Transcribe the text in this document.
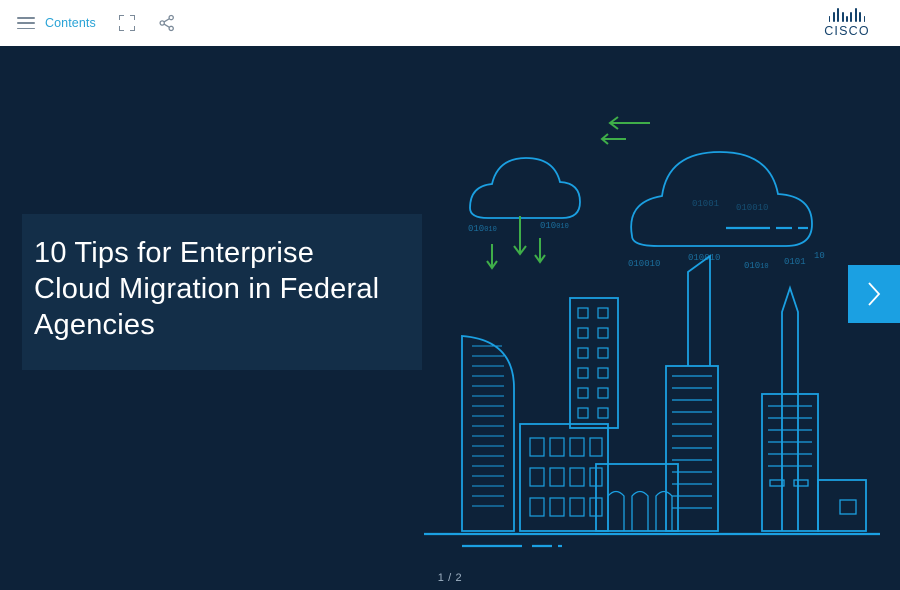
Contents
CISCO
010010	010010
010010
010010
01010 0101
10
010010
01001
10 Tips for Enterprise Cloud Migration in Federal Agencies
1 / 2
